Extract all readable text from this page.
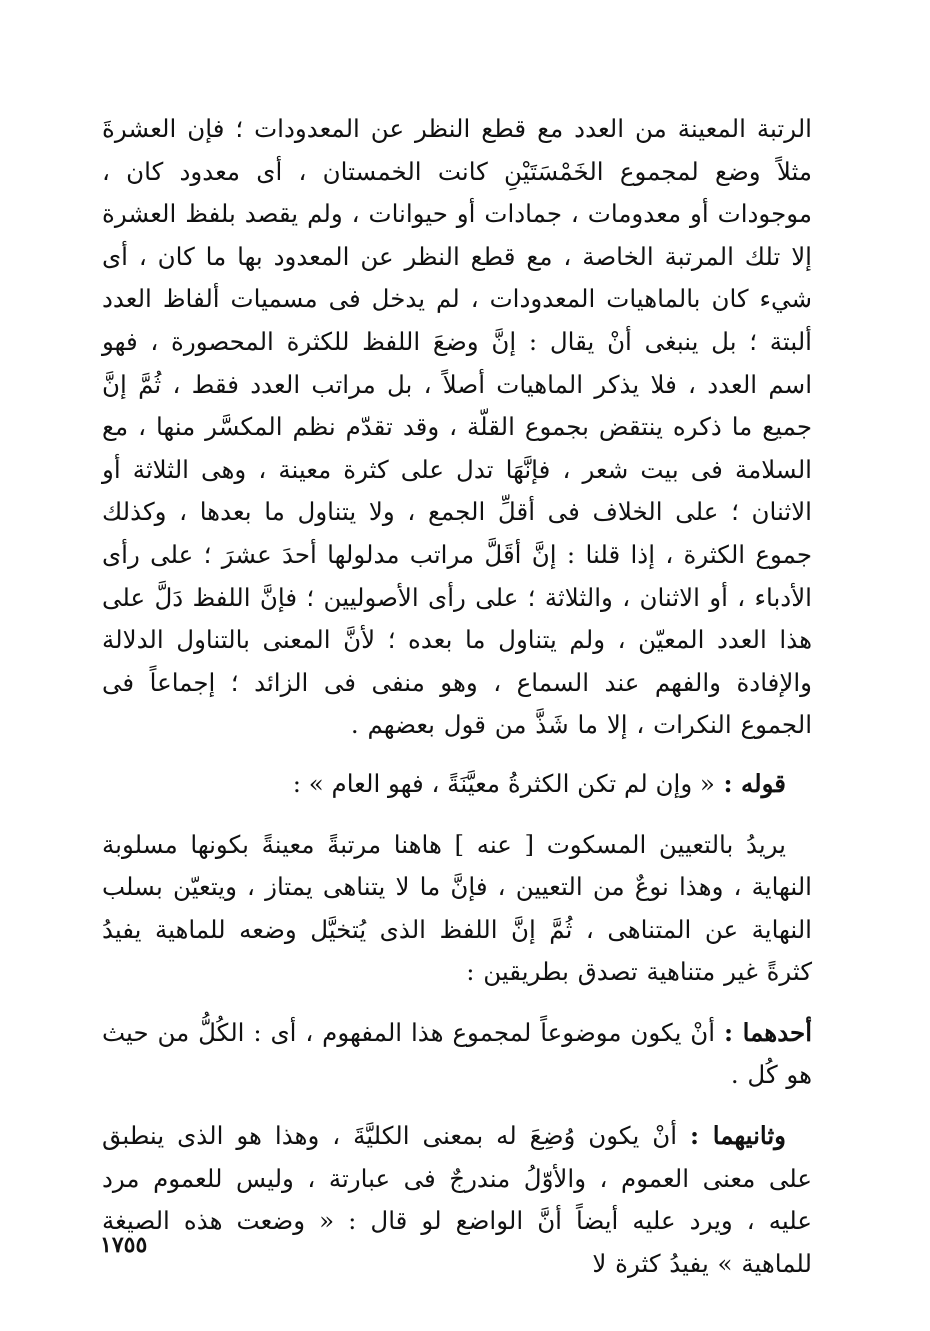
الرتبة المعينة من العدد مع قطع النظر عن المعدودات ؛ فإن العشرةَ مثلاً وضع لمجموع الخَمْسَتَيْنِ كانت الخمستان ، أى معدود كان ، موجودات أو معدومات ، جمادات أو حيوانات ، ولم يقصد بلفظ العشرة إلا تلك المرتبة الخاصة ، مع قطع النظر عن المعدود بها ما كان ، أى شيء كان بالماهيات المعدودات ، لم يدخل فى مسميات ألفاظ العدد ألبتة ؛ بل ينبغى أنْ يقال : إنَّ وضعَ اللفظ للكثرة المحصورة ، فهو اسم العدد ، فلا يذكر الماهيات أصلاً ، بل مراتب العدد فقط ، ثُمَّ إنَّ جميع ما ذكره ينتقض بجموع القلّة ، وقد تقدّم نظم المكسَّر منها ، مع السلامة فى بيت شعر ، فإنَّهَا تدل على كثرة معينة ، وهى الثلاثة أو الاثنان ؛ على الخلاف فى أقلِّ الجمع ، ولا يتناول ما بعدها ، وكذلك جموع الكثرة ، إذا قلنا : إنَّ أقَلَّ مراتب مدلولها أحدَ عشرَ ؛ على رأى الأدباء ، أو الاثنان ، والثلاثة ؛ على رأى الأصوليين ؛ فإنَّ اللفظ دَلَّ على هذا العدد المعيّن ، ولم يتناول ما بعده ؛ لأنَّ المعنى بالتناول الدلالة والإفادة والفهم عند السماع ، وهو منفى فى الزائد ؛ إجماعاً فى الجموع النكرات ، إلا ما شَذَّ من قول بعضهم .

قوله : « وإن لم تكن الكثرةُ معيَّنَةً ، فهو العام » :

يريدُ بالتعيين المسكوت [ عنه ] هاهنا مرتبةً معينةً بكونها مسلوبة النهاية ، وهذا نوعٌ من التعيين ، فإنَّ ما لا يتناهى يمتاز ، ويتعيّن بسلب النهاية عن المتناهى ، ثُمَّ إنَّ اللفظ الذى يُتخيَّل وضعه للماهية يفيدُ كثرةً غير متناهية تصدق بطريقين :

أحدهما : أنْ يكون موضوعاً لمجموع هذا المفهوم ، أى : الكُلُّ من حيث هو كُل .

وثانيهما : أنْ يكون وُضِعَ له بمعنى الكليَّةَ ، وهذا هو الذى ينطبق على معنى العموم ، والأوّلُ مندرجٌ فى عبارتة ، وليس للعموم مرد عليه ، ويرد عليه أيضاً أنَّ الواضع لو قال : « وضعت هذه الصيغة للماهية » يفيدُ كثرة لا

١٧٥٥
